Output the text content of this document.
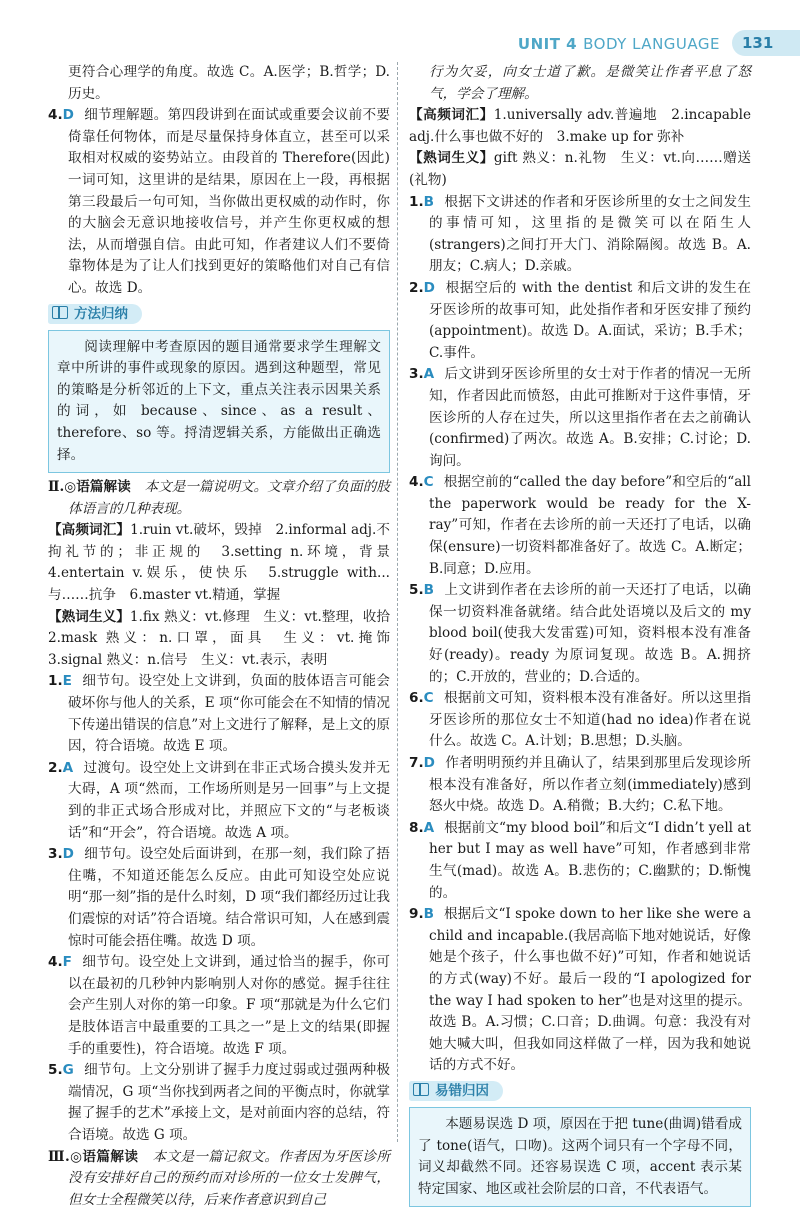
UNIT 4 BODY LANGUAGE	131

更符合心理学的角度。故选 C。A.医学；B.哲学；D.历史。

4.D 细节理解题。第四段讲到在面试或重要会议前不要倚靠任何物体，而是尽量保持身体直立，甚至可以采取相对权威的姿势站立。由段首的 Therefore(因此)一词可知，这里讲的是结果，原因在上一段，再根据第三段最后一句可知，当你做出更权威的动作时，你的大脑会无意识地接收信号，并产生你更权威的想法，从而增强自信。由此可知，作者建议人们不要倚靠物体是为了让人们找到更好的策略他们对自己有信心。故选 D。

方法归纳

阅读理解中考查原因的题目通常要求学生理解文章中所讲的事件或现象的原因。遇到这种题型，常见的策略是分析邻近的上下文，重点关注表示因果关系的词，如 because、since、as a result、therefore、so 等。捋清逻辑关系，方能做出正确选择。

Ⅱ.◎语篇解读　 本文是一篇说明文。文章介绍了负面的肢体语言的几种表现。

【高频词汇】1.ruin vt.破坏，毁掉　2.informal adj.不拘礼节的；非正规的　3.setting n.环境，背景　4.entertain v.娱乐，使快乐　5.struggle with...与……抗争　6.master vt.精通，掌握

【熟词生义】1.fix 熟义：vt.修理　生义：vt.整理，收拾　2.mask 熟义：n.口罩，面具　生义：vt.掩饰　3.signal 熟义：n.信号　生义：vt.表示，表明

1.E 细节句。设空处上文讲到，负面的肢体语言可能会破坏你与他人的关系，E 项“你可能会在不知情的情况下传递出错误的信息”对上文进行了解释，是上文的原因，符合语境。故选 E 项。

2.A 过渡句。设空处上文讲到在非正式场合摸头发并无大碍，A 项“然而，工作场所则是另一回事”与上文提到的非正式场合形成对比，并照应下文的“与老板谈话”和“开会”，符合语境。故选 A 项。

3.D 细节句。设空处后面讲到，在那一刻，我们除了捂住嘴，不知道还能怎么反应。由此可知设空处应说明“那一刻”指的是什么时刻，D 项“我们都经历过让我们震惊的对话”符合语境。结合常识可知，人在感到震惊时可能会捂住嘴。故选 D 项。

4.F 细节句。设空处上文讲到，通过恰当的握手，你可以在最初的几秒钟内影响别人对你的感觉。握手往往会产生别人对你的第一印象。F 项“那就是为什么它们是肢体语言中最重要的工具之一”是上文的结果(即握手的重要性)，符合语境。故选 F 项。

5.G 细节句。上文分别讲了握手力度过弱或过强两种极端情况，G 项“当你找到两者之间的平衡点时，你就掌握了握手的艺术”承接上文，是对前面内容的总结，符合语境。故选 G 项。

Ⅲ.◎语篇解读　 本文是一篇记叙文。作者因为牙医诊所没有安排好自己的预约而对诊所的一位女士发脾气，但女士全程微笑以待，后来作者意识到自己

行为欠妥，向女士道了歉。是微笑让作者平息了怒气，学会了理解。

【高频词汇】1.universally adv.普遍地　2.incapable adj.什么事也做不好的　3.make up for 弥补

【熟词生义】gift 熟义：n.礼物　生义：vt.向……赠送(礼物)

1.B 根据下文讲述的作者和牙医诊所里的女士之间发生的事情可知，这里指的是微笑可以在陌生人(strangers)之间打开大门、消除隔阂。故选 B。A.朋友；C.病人；D.亲戚。

2.D 根据空后的 with the dentist 和后文讲的发生在牙医诊所的故事可知，此处指作者和牙医安排了预约(appointment)。故选 D。A.面试，采访；B.手术；C.事件。

3.A 后文讲到牙医诊所里的女士对于作者的情况一无所知，作者因此而愤怒，由此可推断对于这件事情，牙医诊所的人存在过失，所以这里指作者在去之前确认(confirmed)了两次。故选 A。B.安排；C.讨论；D.询问。

4.C 根据空前的“called the day before”和空后的“all the paperwork would be ready for the X-ray”可知，作者在去诊所的前一天还打了电话，以确保(ensure)一切资料都准备好了。故选 C。A.断定；B.同意；D.应用。

5.B 上文讲到作者在去诊所的前一天还打了电话，以确保一切资料准备就绪。结合此处语境以及后文的 my blood boil(使我大发雷霆)可知，资料根本没有准备好(ready)。ready 为原词复现。故选 B。A.拥挤的；C.开放的，营业的；D.合适的。

6.C 根据前文可知，资料根本没有准备好。所以这里指牙医诊所的那位女士不知道(had no idea)作者在说什么。故选 C。A.计划；B.思想；D.头脑。

7.D 作者明明预约并且确认了，结果到那里后发现诊所根本没有准备好，所以作者立刻(immediately)感到怒火中烧。故选 D。A.稍微；B.大约；C.私下地。

8.A 根据前文“my blood boil”和后文“I didn’t yell at her but I may as well have”可知，作者感到非常生气(mad)。故选 A。B.悲伤的；C.幽默的；D.惭愧的。

9.B 根据后文“I spoke down to her like she were a child and incapable.(我居高临下地对她说话，好像她是个孩子，什么事也做不好)”可知，作者和她说话的方式(way)不好。最后一段的“I apologized for the way I had spoken to her”也是对这里的提示。故选 B。A.习惯；C.口音；D.曲调。句意：我没有对她大喊大叫，但我如同这样做了一样，因为我和她说话的方式不好。

易错归因

本题易误选 D 项，原因在于把 tune(曲调)错看成了 tone(语气，口吻)。这两个词只有一个字母不同，词义却截然不同。还容易误选 C 项，accent 表示某特定国家、地区或社会阶层的口音，不代表语气。
